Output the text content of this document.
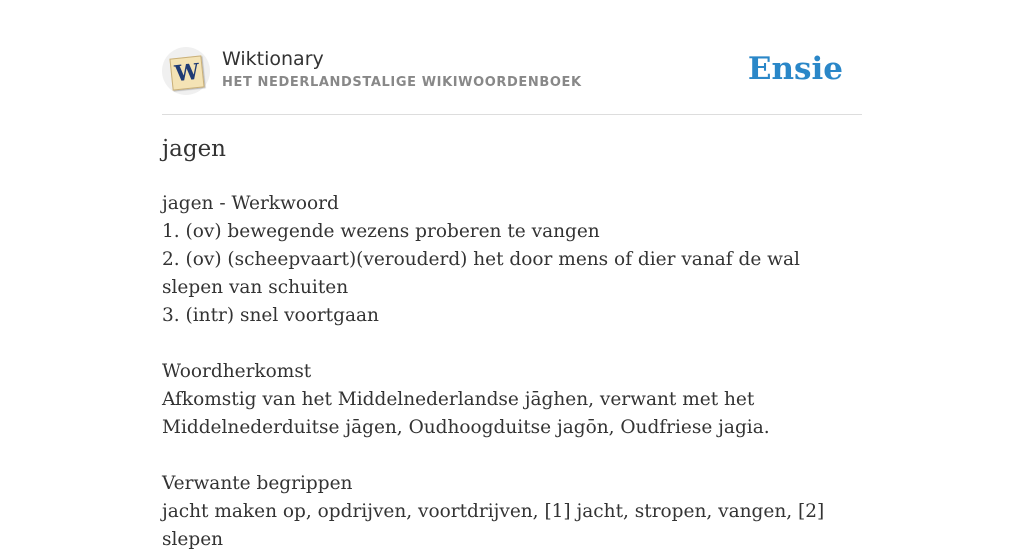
W Wiktionary
HET NEDERLANDSTALIGE WIKIWOORDENBOEK	Ensie
jagen
jagen - Werkwoord
1. (ov) bewegende wezens proberen te vangen
2. (ov) (scheepvaart)(verouderd) het door mens of dier vanaf de wal slepen van schuiten
3. (intr) snel voortgaan
Woordherkomst
Afkomstig van het Middelnederlandse jāghen, verwant met het Middelnederduitse jāgen, Oudhoogduitse jagōn, Oudfriese jagia.
Verwante begrippen
jacht maken op, opdrijven, voortdrijven, [1] jacht, stropen, vangen, [2] slepen
